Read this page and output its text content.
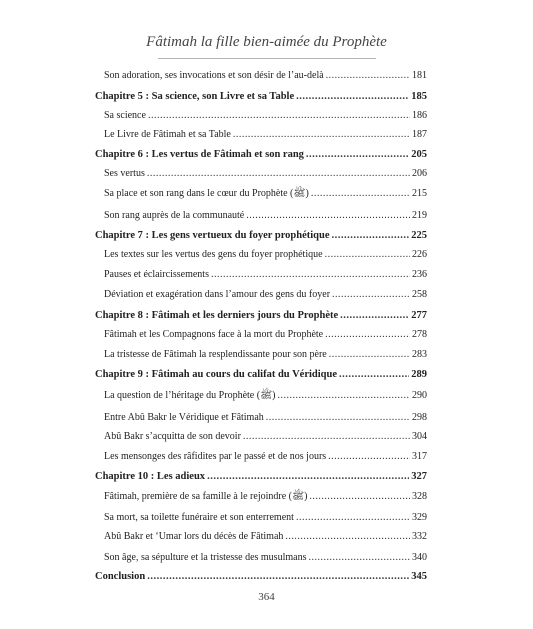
Fâtimah la fille bien-aimée du Prophète
Son adoration, ses invocations et son désir de l’au-delà .....	181
Chapitre 5 : Sa science, son Livre et sa Table .....	185
Sa science .....	186
Le Livre de Fâtimah et sa Table .....	187
Chapitre 6 : Les vertus de Fâtimah et son rang .....	205
Ses vertus .....	206
Sa place et son rang dans le cœur du Prophète (ﷺ) .....	215
Son rang auprès de la communauté .....	219
Chapitre 7 : Les gens vertueux du foyer prophétique .....	225
Les textes sur les vertus des gens du foyer prophétique .....	226
Pauses et éclaircissements .....	236
Déviation et exagération dans l’amour des gens du foyer .....	258
Chapitre 8 : Fâtimah et les derniers jours du Prophète .....	277
Fâtimah et les Compagnons face à la mort du Prophète .....	278
La tristesse de Fâtimah la resplendissante pour son père .....	283
Chapitre 9 : Fâtimah au cours du califat du Véridique .....	289
La question de l’héritage du Prophète (ﷺ) .....	290
Entre Abû Bakr le Véridique et Fâtimah .....	298
Abû Bakr s’acquitta de son devoir .....	304
Les mensonges des râfidites par le passé et de nos jours .....	317
Chapitre 10 : Les adieux .....	327
Fâtimah, première de sa famille à le rejoindre (ﷺ) .....	328
Sa mort, sa toilette funéraire et son enterrement .....	329
Abû Bakr et ‘Umar lors du décès de Fâtimah .....	332
Son âge, sa sépulture et la tristesse des musulmans .....	340
Conclusion .....	345
364
